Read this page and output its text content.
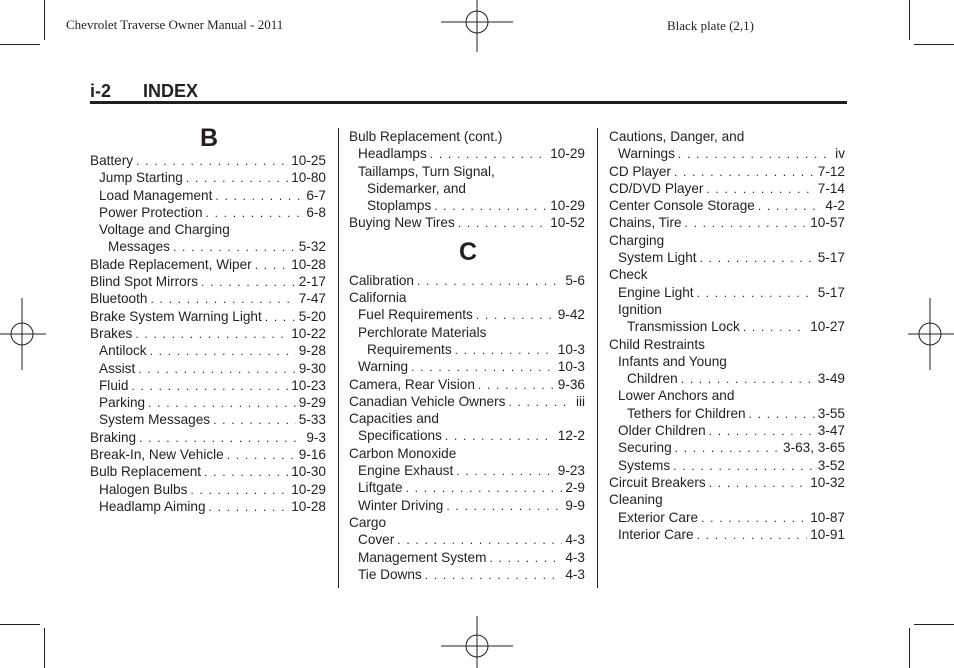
Chevrolet Traverse Owner Manual - 2011	Black plate (2,1)
i-2 INDEX
B
Battery . . .	10-25
Jump Starting . . .	10-80
Load Management . . .	6-7
Power Protection . . .	6-8
Voltage and Charging
Messages . . .	5-32
Blade Replacement, Wiper . . .	10-28
Blind Spot Mirrors . . .	2-17
Bluetooth . . .	7-47
Brake System Warning Light . . .	5-20
Brakes . . .	10-22
Antilock . . .	9-28
Assist . . .	9-30
Fluid . . .	10-23
Parking . . .	9-29
System Messages . . .	5-33
Braking . . .	9-3
Break-In, New Vehicle . . .	9-16
Bulb Replacement . . .	10-30
Halogen Bulbs . . .	10-29
Headlamp Aiming . . .	10-28
Bulb Replacement (cont.)
Headlamps . . .	10-29
Taillamps, Turn Signal,
Sidemarker, and
Stoplamps . . .	10-29
Buying New Tires . . .	10-52
C
Calibration . . .	5-6
California
Fuel Requirements . . .	9-42
Perchlorate Materials
Requirements . . .	10-3
Warning . . .	10-3
Camera, Rear Vision . . .	9-36
Canadian Vehicle Owners . . .	iii
Capacities and
Specifications . . .	12-2
Carbon Monoxide
Engine Exhaust . . .	9-23
Liftgate . . .	2-9
Winter Driving . . .	9-9
Cargo
Cover . . .	4-3
Management System . . .	4-3
Tie Downs . . .	4-3
Cautions, Danger, and
Warnings . . .	iv
CD Player . . .	7-12
CD/DVD Player . . .	7-14
Center Console Storage . . .	4-2
Chains, Tire . . .	10-57
Charging
System Light . . .	5-17
Check
Engine Light . . .	5-17
Ignition
Transmission Lock . . .	10-27
Child Restraints
Infants and Young
Children . . .	3-49
Lower Anchors and
Tethers for Children . . .	3-55
Older Children . . .	3-47
Securing . . .	3-63, 3-65
Systems . . .	3-52
Circuit Breakers . . .	10-32
Cleaning
Exterior Care . . .	10-87
Interior Care . . .	10-91
